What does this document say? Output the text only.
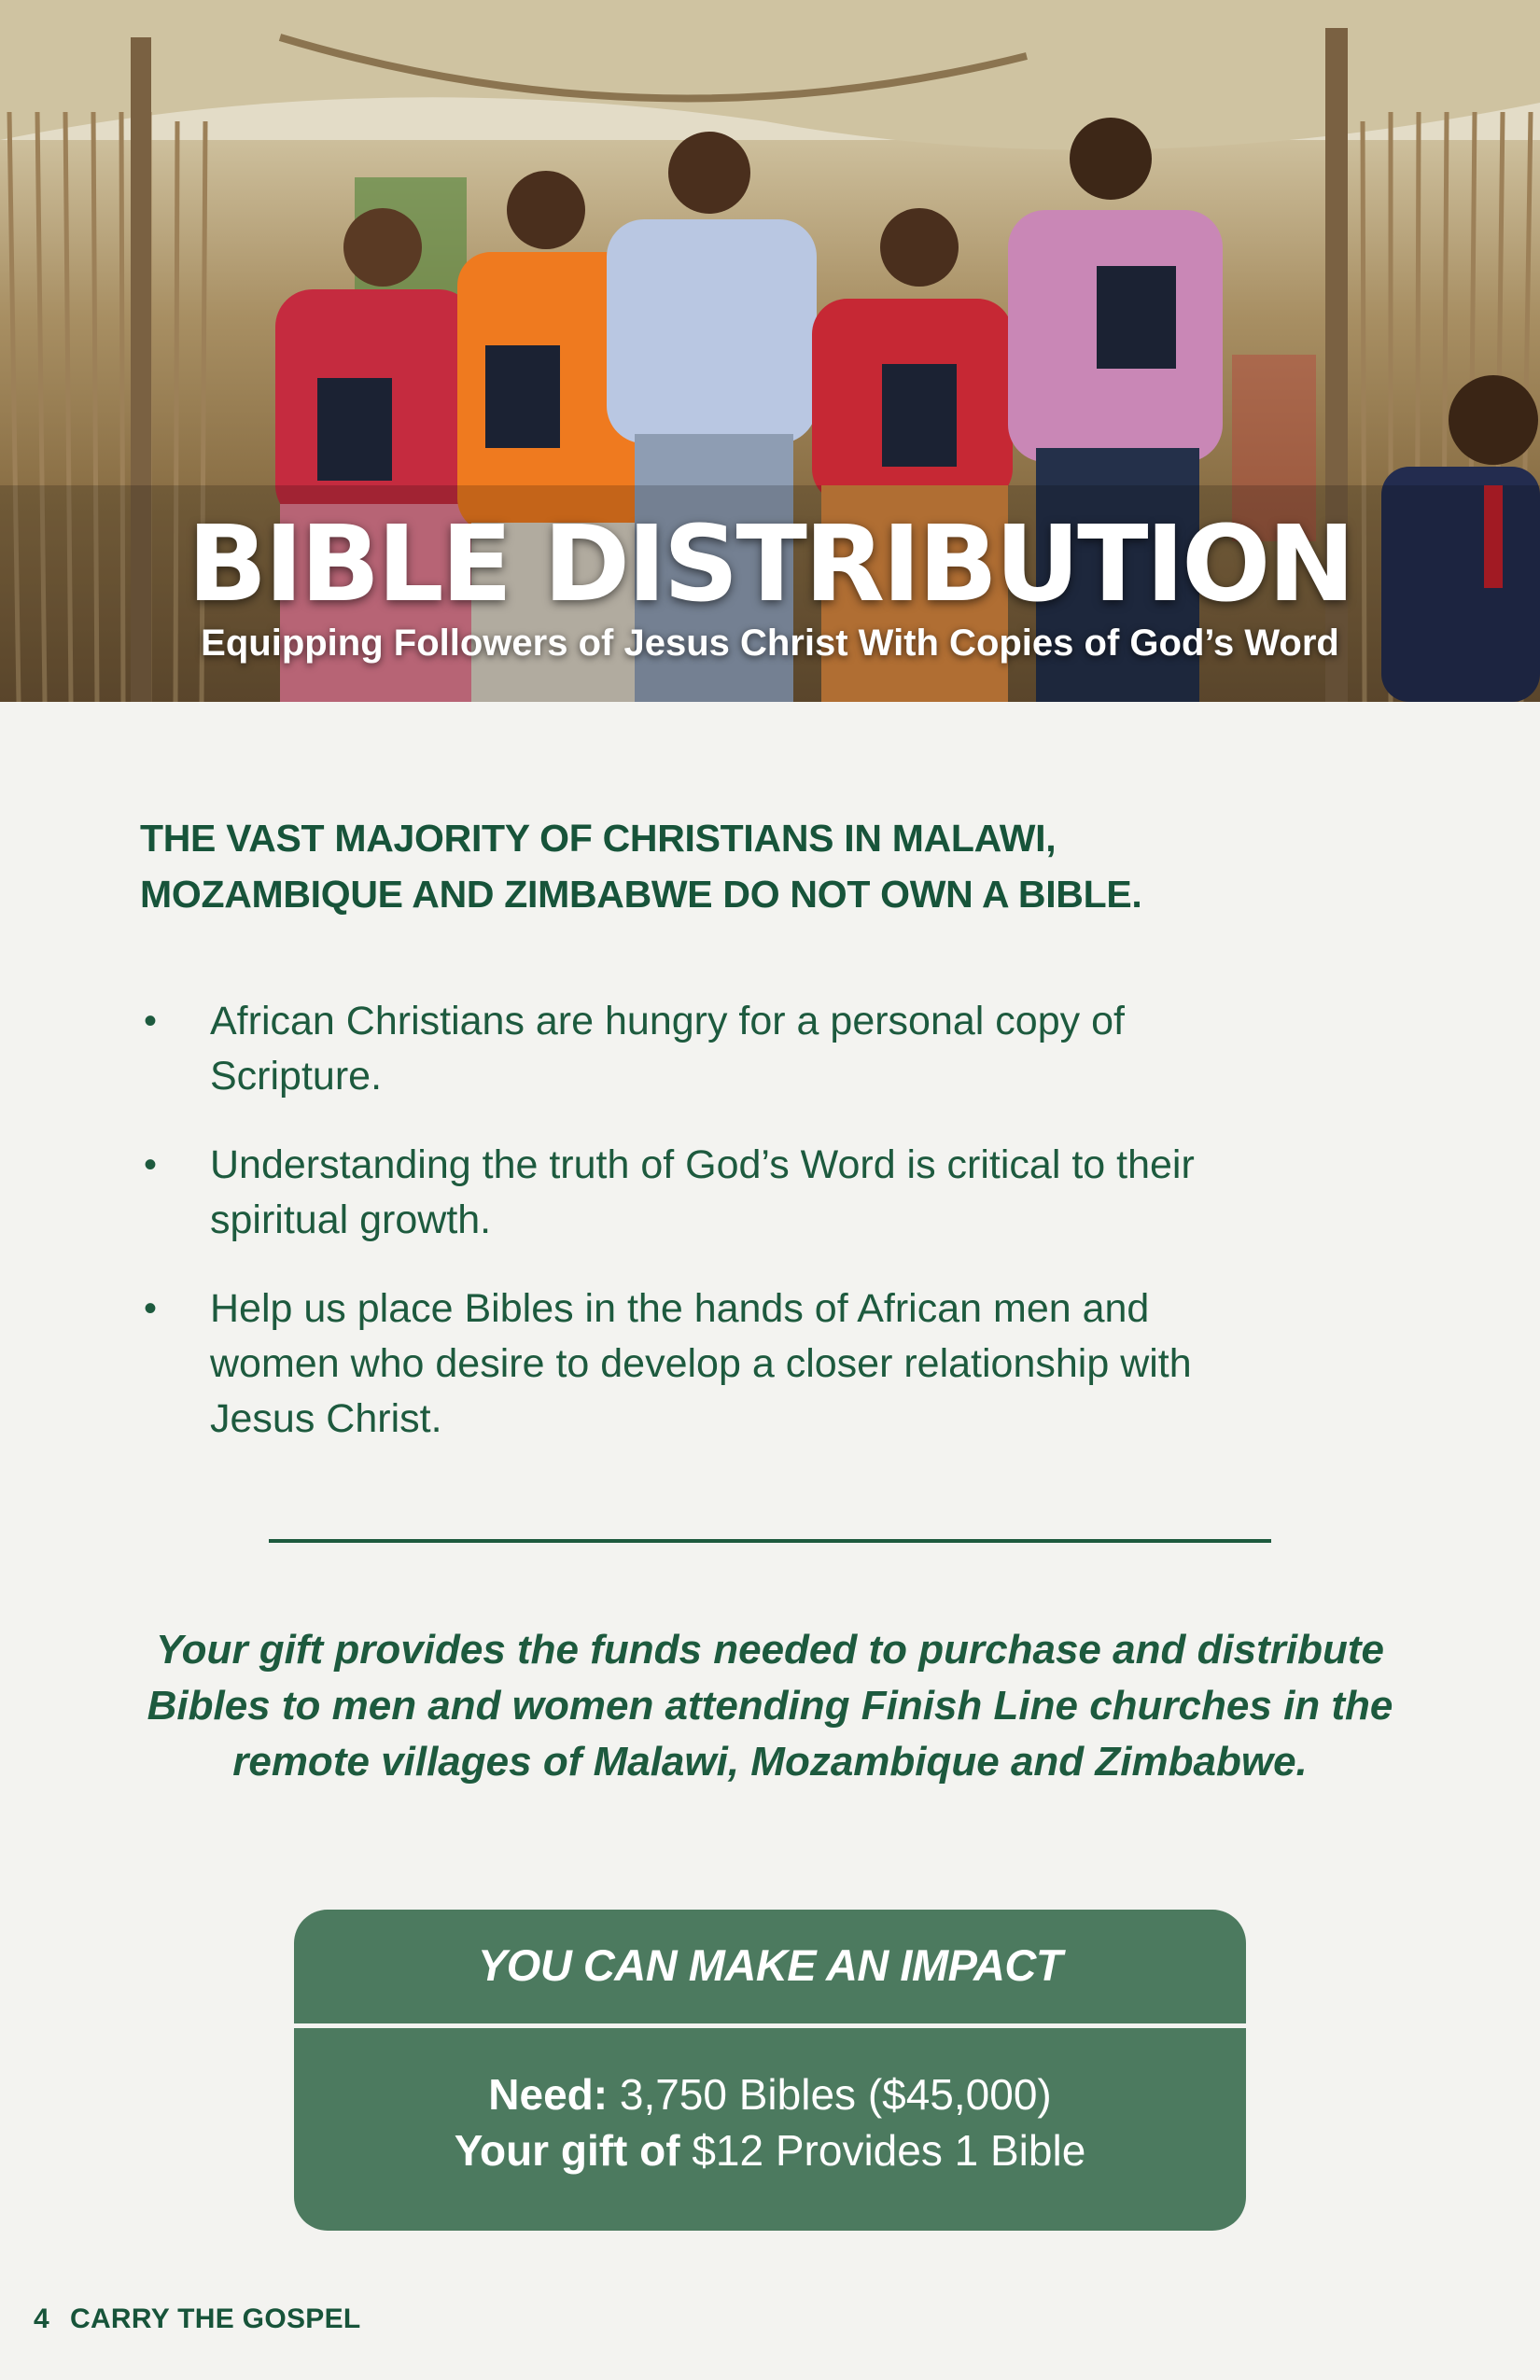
BIBLE DISTRIBUTION
Equipping Followers of Jesus Christ With Copies of God’s Word
THE VAST MAJORITY OF CHRISTIANS IN MALAWI,
MOZAMBIQUE AND ZIMBABWE DO NOT OWN A BIBLE.
• African Christians are hungry for a personal copy of
Scripture.
• Understanding the truth of God’s Word is critical to their
spiritual growth.
• Help us place Bibles in the hands of African men and
women who desire to develop a closer relationship with
Jesus Christ.
Your gift provides the funds needed to purchase and distribute
Bibles to men and women attending Finish Line churches in the
remote villages of Malawi, Mozambique and Zimbabwe.
YOU CAN MAKE AN IMPACT
Need: 3,750 Bibles ($45,000)
Your gift of $12 Provides 1 Bible
4 CARRY THE GOSPEL
